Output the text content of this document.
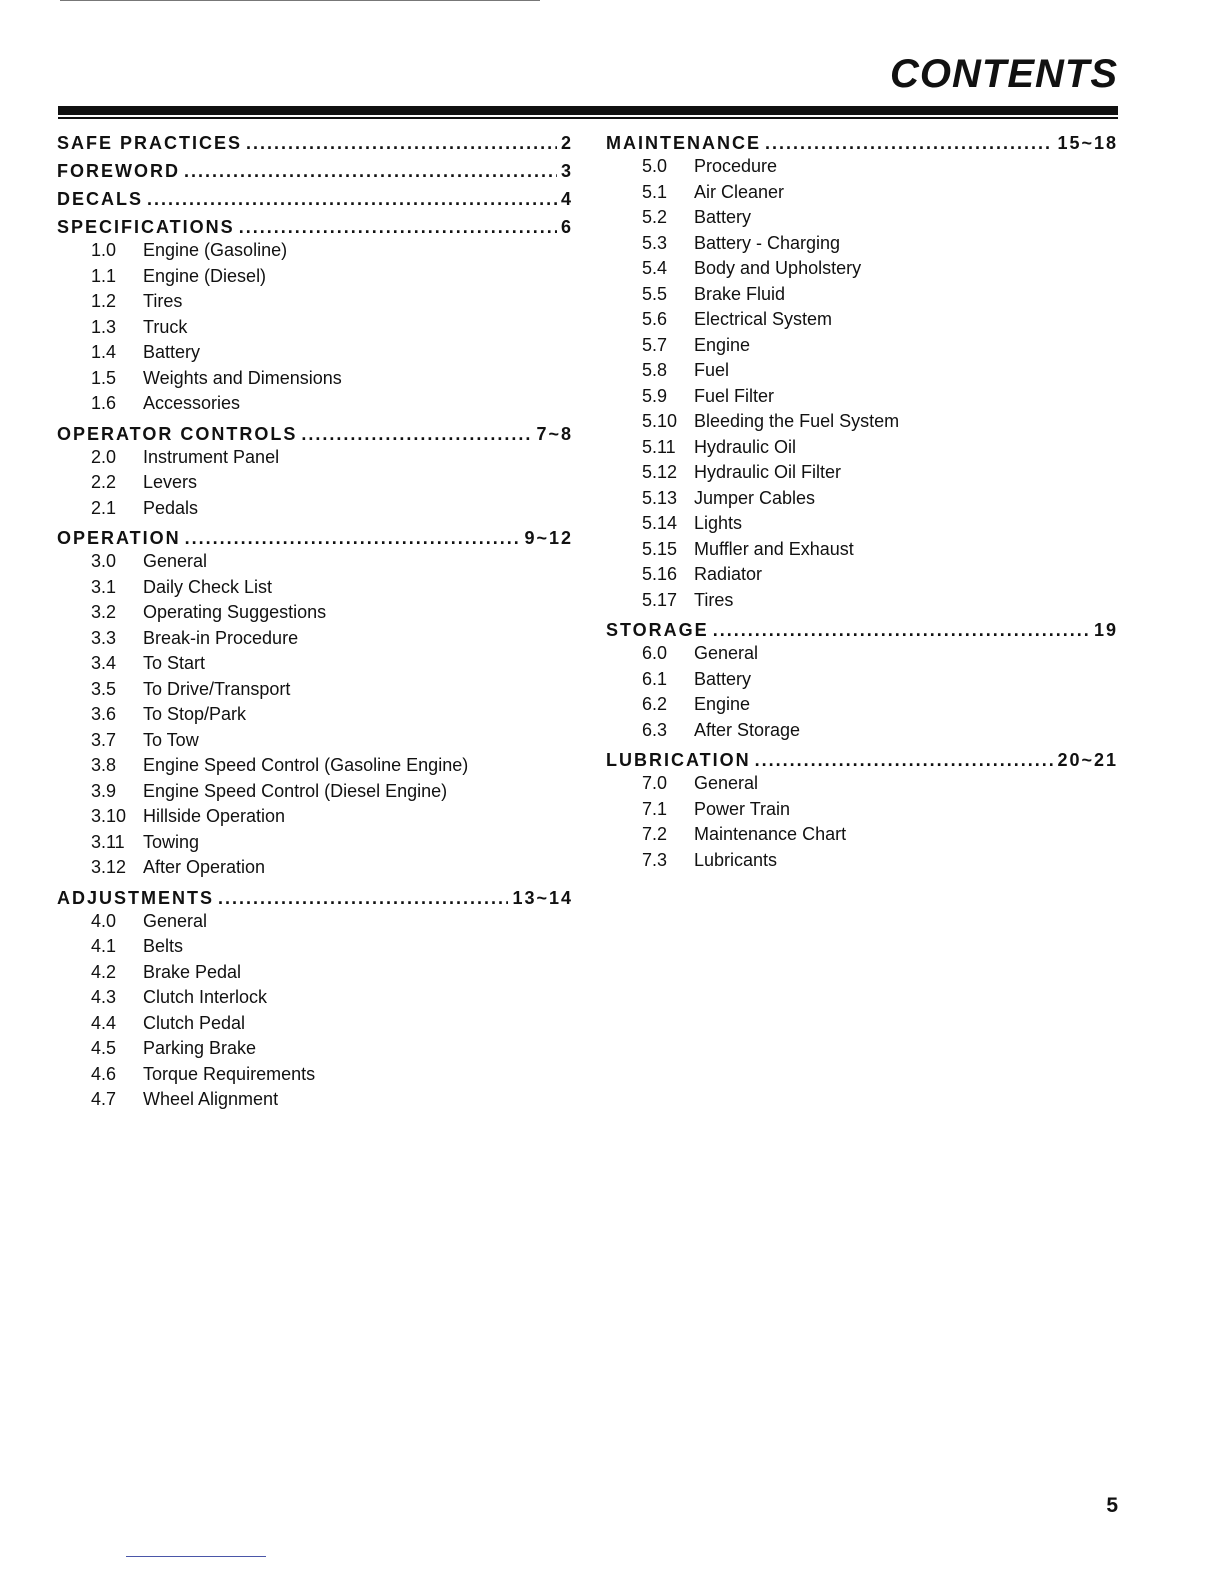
CONTENTS
SAFE PRACTICES .....	2
FOREWORD .....	3
DECALS .....	4
SPECIFICATIONS .....	6
1.0	Engine (Gasoline)
1.1	Engine (Diesel)
1.2	Tires
1.3	Truck
1.4	Battery
1.5	Weights and Dimensions
1.6	Accessories
OPERATOR CONTROLS .....	7~8
2.0	Instrument Panel
2.2	Levers
2.1	Pedals
OPERATION .....	9~12
3.0	General
3.1	Daily Check List
3.2	Operating Suggestions
3.3	Break-in Procedure
3.4	To Start
3.5	To Drive/Transport
3.6	To Stop/Park
3.7	To Tow
3.8	Engine Speed Control (Gasoline Engine)
3.9	Engine Speed Control (Diesel Engine)
3.10 Hillside Operation
3.11	Towing
3.12 After Operation
ADJUSTMENTS .....	13~14
4.0	General
4.1	Belts
4.2	Brake Pedal
4.3	Clutch Interlock
4.4	Clutch Pedal
4.5	Parking Brake
4.6	Torque Requirements
4.7	Wheel Alignment
MAINTENANCE .....	15~18
5.0	Procedure
5.1	Air Cleaner
5.2	Battery
5.3	Battery - Charging
5.4	Body and Upholstery
5.5	Brake Fluid
5.6	Electrical System
5.7	Engine
5.8	Fuel
5.9	Fuel Filter
5.10 Bleeding the Fuel System
5.11	Hydraulic Oil
5.12 Hydraulic Oil Filter
5.13 Jumper Cables
5.14 Lights
5.15 Muffler and Exhaust
5.16 Radiator
5.17 Tires
STORAGE .....	19
6.0	General
6.1	Battery
6.2	Engine
6.3	After Storage
LUBRICATION .....	20~21
7.0	General
7.1	Power Train
7.2	Maintenance Chart
7.3	Lubricants
5
